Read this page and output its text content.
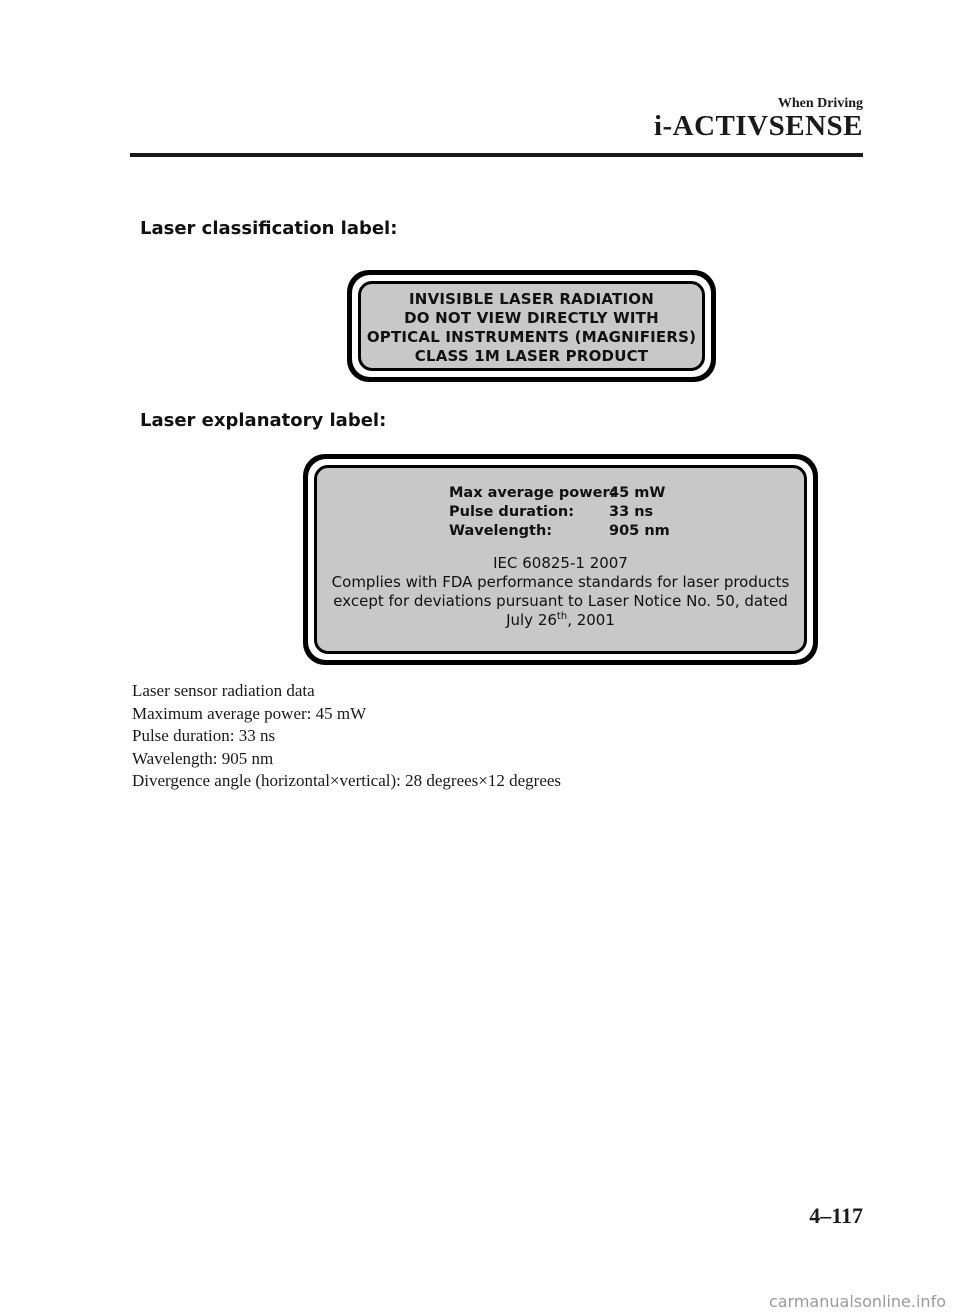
When Driving
i-ACTIVSENSE
Laser classification label:
INVISIBLE LASER RADIATION
DO NOT VIEW DIRECTLY WITH
OPTICAL INSTRUMENTS (MAGNIFIERS)
CLASS 1M LASER PRODUCT
Laser explanatory label:
Max average power:45 mW
Pulse duration: 33 ns
Wavelength:	905 nm
IEC 60825-1 2007
Complies with FDA performance standards for laser products
except for deviations pursuant to Laser Notice No. 50, dated
July 26th, 2001
Laser sensor radiation data
Maximum average power: 45 mW
Pulse duration: 33 ns
Wavelength: 905 nm
Divergence angle (horizontal×vertical): 28 degrees×12 degrees
4–117
carmanualsonline.info
